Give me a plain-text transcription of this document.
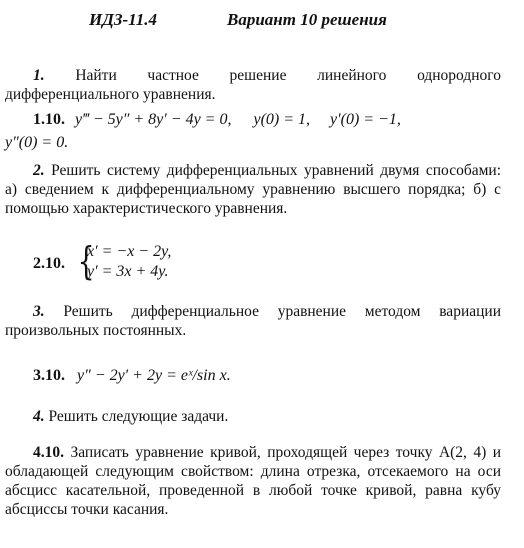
ИДЗ-11.4	Вариант 10 решения
1. Найти частное решение линейного однородного дифференциального уравнения.
1.10. y‴ − 5y″ + 8y′ − 4y = 0, y(0) = 1, y′(0) = −1,
y″(0) = 0.
2. Решить систему дифференциальных уравнений двумя способами: а) сведением к дифференциальному уравнению высшего порядка; б) с помощью характеристического уравнения.
2.10. {
x′ = −x − 2y,
y′ = 3x + 4y.
3. Решить дифференциальное уравнение методом вариации произвольных постоянных.
3.10. y″ − 2y′ + 2y = eˣ/sin x.
4. Решить следующие задачи.
4.10. Записать уравнение кривой, проходящей через точку A(2, 4) и обладающей следующим свойством: длина отрезка, отсекаемого на оси абсцисс касательной, проведенной в любой точке кривой, равна кубу абсциссы точки касания.
